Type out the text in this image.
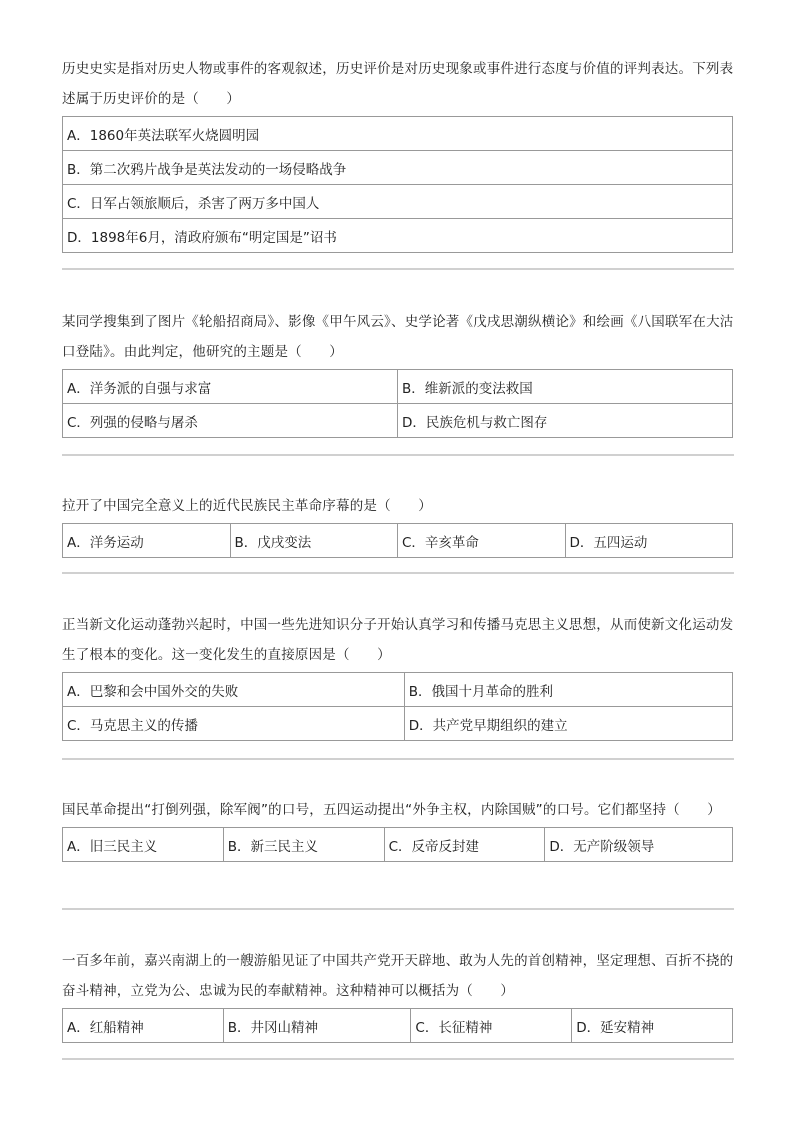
历史史实是指对历史人物或事件的客观叙述，历史评价是对历史现象或事件进行态度与价值的评判表达。下列表述属于历史评价的是（　　）

A．1860年英法联军火烧圆明园
B．第二次鸦片战争是英法发动的一场侵略战争
C．日军占领旅顺后，杀害了两万多中国人
D．1898年6月，清政府颁布“明定国是”诏书

某同学搜集到了图片《轮船招商局》、影像《甲午风云》、史学论著《戊戌思潮纵横论》和绘画《八国联军在大沽口登陆》。由此判定，他研究的主题是（　　）

A．洋务派的自强与求富	B．维新派的变法救国
C．列强的侵略与屠杀	D．民族危机与救亡图存

拉开了中国完全意义上的近代民族民主革命序幕的是（　　）

A．洋务运动	B．戊戌变法	C．辛亥革命	D．五四运动

正当新文化运动蓬勃兴起时，中国一些先进知识分子开始认真学习和传播马克思主义思想，从而使新文化运动发生了根本的变化。这一变化发生的直接原因是（　　）

A．巴黎和会中国外交的失败	B．俄国十月革命的胜利
C．马克思主义的传播	D．共产党早期组织的建立

国民革命提出“打倒列强，除军阀”的口号，五四运动提出“外争主权，内除国贼”的口号。它们都坚持（　　）

A．旧三民主义	B．新三民主义	C．反帝反封建	D．无产阶级领导

一百多年前，嘉兴南湖上的一艘游船见证了中国共产党开天辟地、敢为人先的首创精神，坚定理想、百折不挠的奋斗精神，立党为公、忠诚为民的奉献精神。这种精神可以概括为（　　）

A．红船精神	B．井冈山精神	C．长征精神	D．延安精神
